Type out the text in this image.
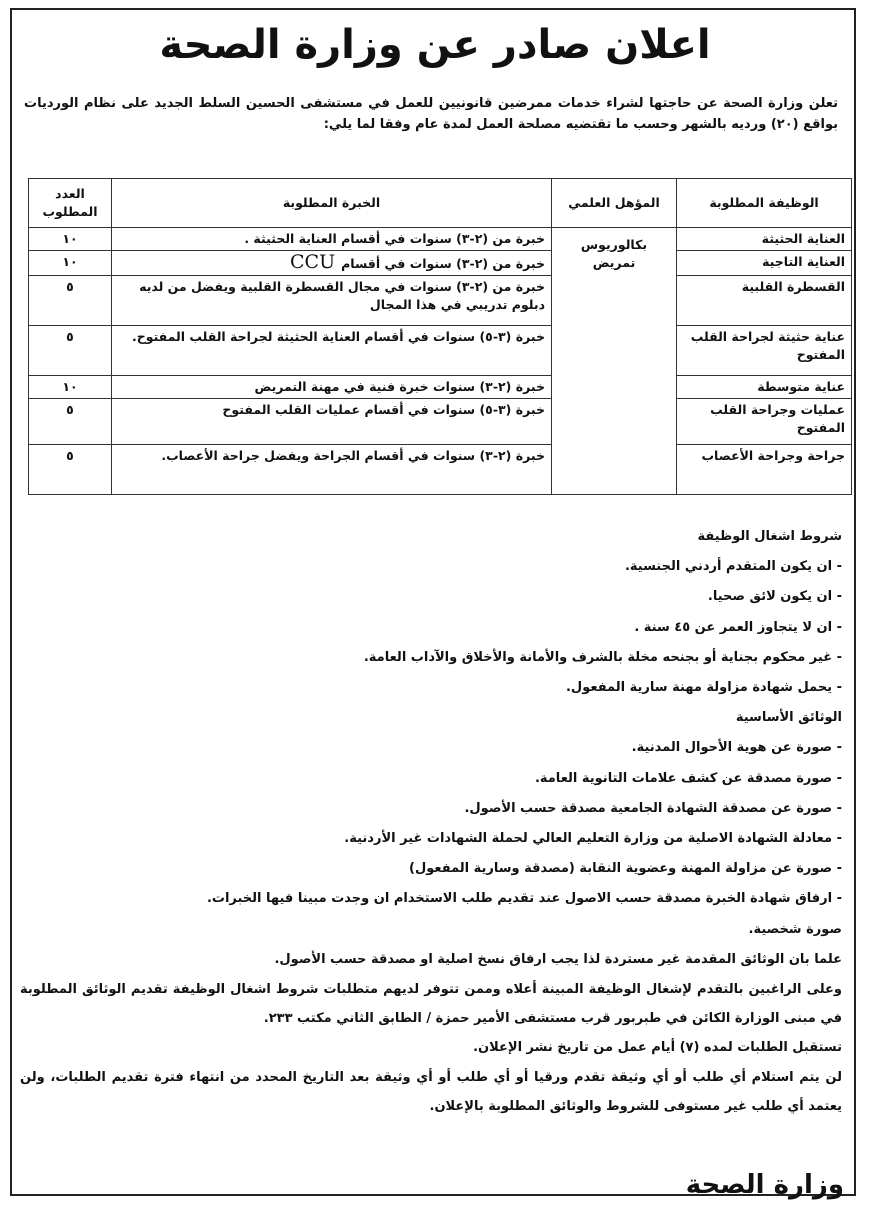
اعلان صادر عن وزارة الصحة

تعلن وزارة الصحة عن حاجتها لشراء خدمات ممرضين قانونيين للعمل في مستشفى الحسين السلط الجديد على نظام الورديات بواقع (٢٠) ورديه بالشهر وحسب ما تقتضيه مصلحة العمل لمدة عام وفقا لما يلي:

الوظيفة المطلوبة	المؤهل العلمي	الخبرة المطلوبة	العدد المطلوب
العناية الحثيثة	بكالوريوس تمريض	خبرة من (٢-٣) سنوات في أقسام العناية الحثيثة .	١٠
العناية التاجية		خبرة من (٢-٣) سنوات في أقسامCCU	١٠
القسطرة القلبية		خبرة من (٢-٣) سنوات في مجال القسطرة القلبية ويفضل من لديه دبلوم تدريبي في هذا المجال	٥
عناية حثيثة لجراحة القلب المفتوح		خبرة (٣-٥) سنوات في أقسام العناية الحثيثة لجراحة القلب المفتوح.	٥
عناية متوسطة		خبرة (٢-٣) سنوات خبرة فنية في مهنة التمريض	١٠
عمليات وجراحة القلب المفتوح		خبرة (٣-٥) سنوات في أقسام عمليات القلب المفتوح	٥
جراحة وجراحة الأعصاب		خبرة (٢-٣) سنوات في أقسام الجراحة ويفضل جراحة الأعصاب.	٥

شروط اشغال الوظيفة

- ان يكون المتقدم أردني الجنسية.

- ان يكون لائق صحيا.

- ان لا يتجاوز العمر عن ٤٥ سنة .

- غير محكوم بجناية أو بجنحه مخلة بالشرف والأمانة والأخلاق والآداب العامة.

- يحمل شهادة مزاولة مهنة سارية المفعول.

الوثائق الأساسية

- صورة عن هوية الأحوال المدنية.

- صورة مصدقة عن كشف علامات التانوية العامة.

- صورة عن مصدقة الشهادة الجامعية مصدقة حسب الأصول.

- معادلة الشهادة الاصلية من وزارة التعليم العالي لحملة الشهادات غير الأردنية.

- صورة عن مزاولة المهنة وعضوية النقابة (مصدقة وسارية المفعول)

- ارفاق شهادة الخبرة مصدقة حسب الاصول عند تقديم طلب الاستخدام ان وجدت مبينا فيها الخبرات.

صورة شخصية.

علما بان الوثائق المقدمة غير مستردة لذا يجب ارفاق نسخ اصلية او مصدقة حسب الأصول.

وعلى الراغبين بالتقدم لإشغال الوظيفة المبينة أعلاه وممن تتوفر لديهم متطلبات شروط اشغال الوظيفة تقديم الوثائق المطلوبة في مبنى الوزارة الكائن في طبربور قرب مستشفى الأمير حمزة / الطابق الثاني مكتب ٢٣٣.

تستقبل الطلبات لمده (٧) أيام عمل من تاريخ نشر الإعلان.

لن يتم استلام أي طلب أو أي وثيقة تقدم ورقيا أو أي طلب أو أي وثيقة بعد التاريخ المحدد من انتهاء فترة تقديم الطلبات، ولن يعتمد أي طلب غير مستوفى للشروط والوثائق المطلوبة بالإعلان.

وزارة الصحة
